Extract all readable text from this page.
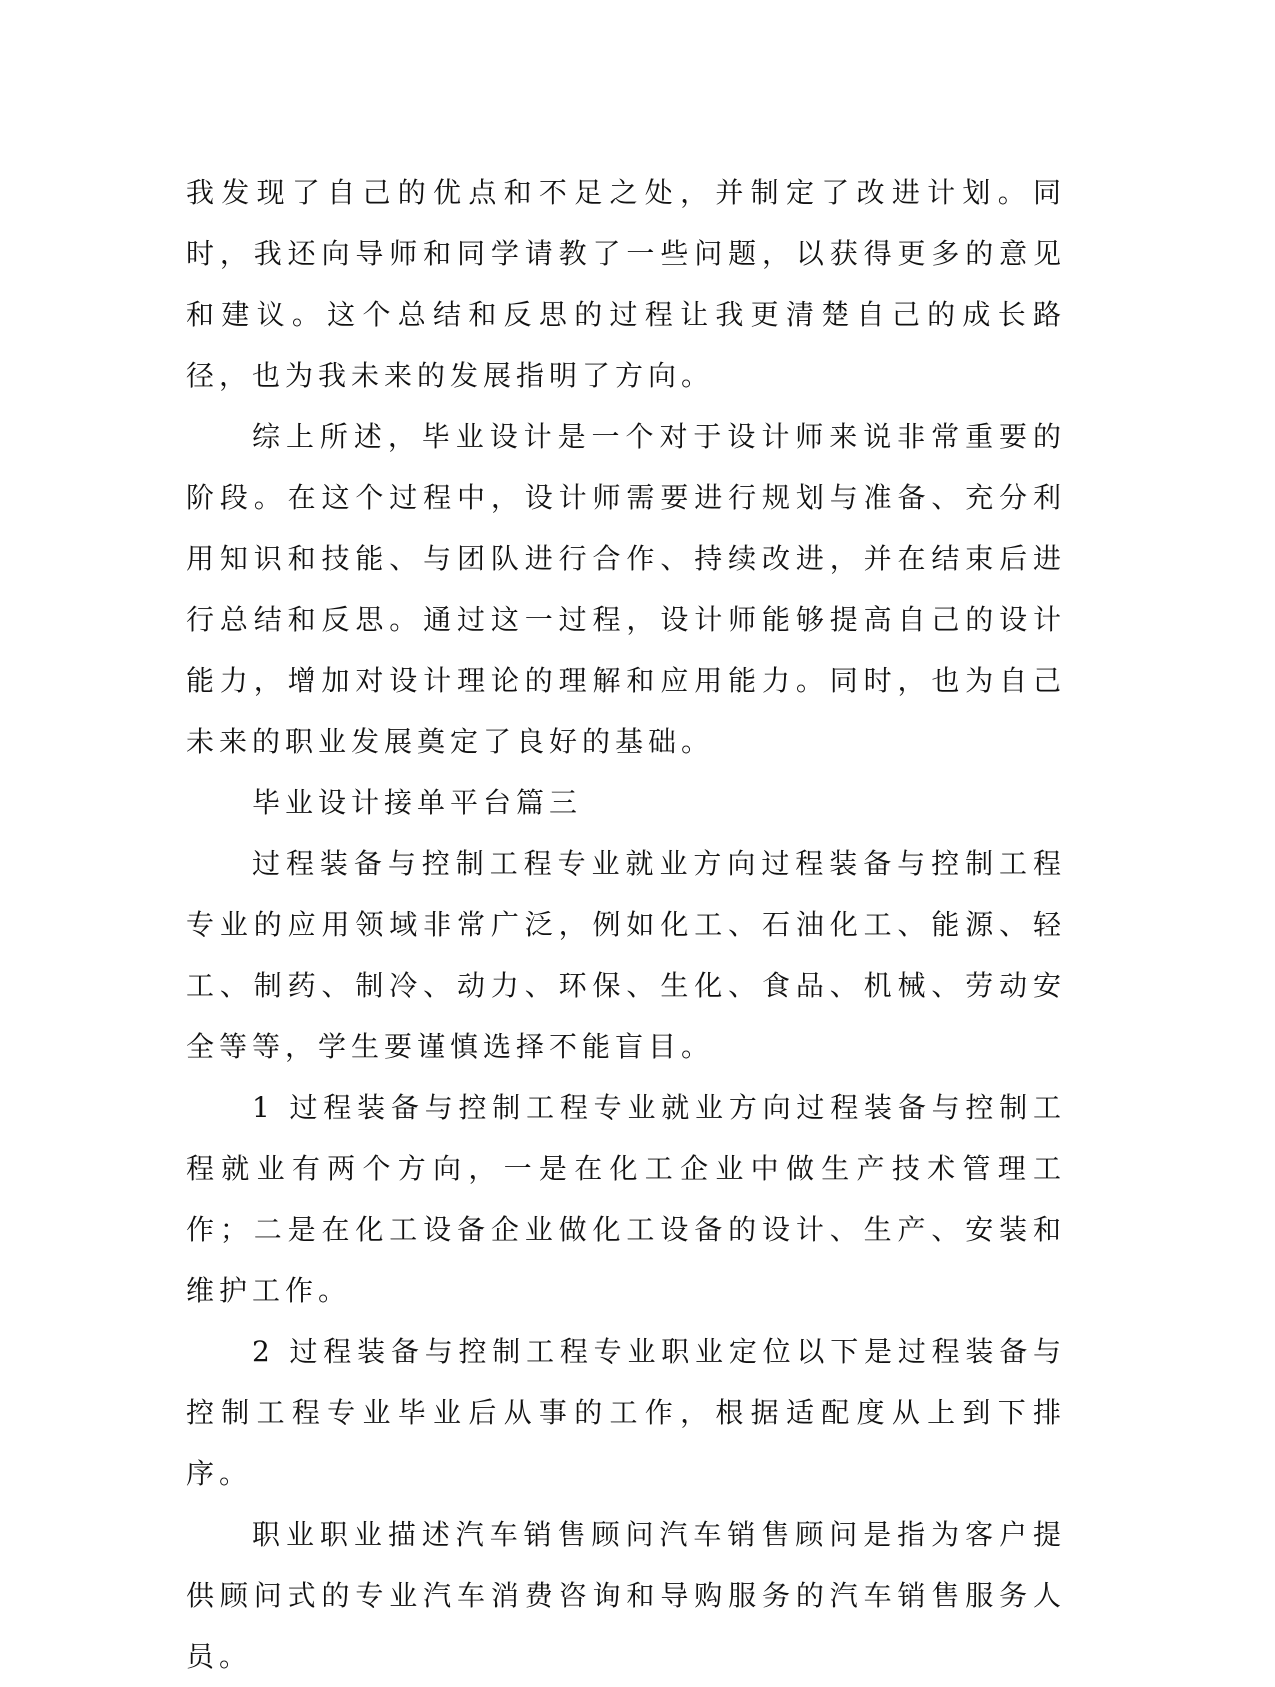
我发现了自己的优点和不足之处，并制定了改进计划。同时，我还向导师和同学请教了一些问题，以获得更多的意见和建议。这个总结和反思的过程让我更清楚自己的成长路径，也为我未来的发展指明了方向。

综上所述，毕业设计是一个对于设计师来说非常重要的阶段。在这个过程中，设计师需要进行规划与准备、充分利用知识和技能、与团队进行合作、持续改进，并在结束后进行总结和反思。通过这一过程，设计师能够提高自己的设计能力，增加对设计理论的理解和应用能力。同时，也为自己未来的职业发展奠定了良好的基础。

毕业设计接单平台篇三

过程装备与控制工程专业就业方向过程装备与控制工程专业的应用领域非常广泛，例如化工、石油化工、能源、轻工、制药、制冷、动力、环保、生化、食品、机械、劳动安全等等，学生要谨慎选择不能盲目。

1 过程装备与控制工程专业就业方向过程装备与控制工程就业有两个方向，一是在化工企业中做生产技术管理工作；二是在化工设备企业做化工设备的设计、生产、安装和维护工作。

2 过程装备与控制工程专业职业定位以下是过程装备与控制工程专业毕业后从事的工作，根据适配度从上到下排序。

职业职业描述汽车销售顾问汽车销售顾问是指为客户提供顾问式的专业汽车消费咨询和导购服务的汽车销售服务人员。
